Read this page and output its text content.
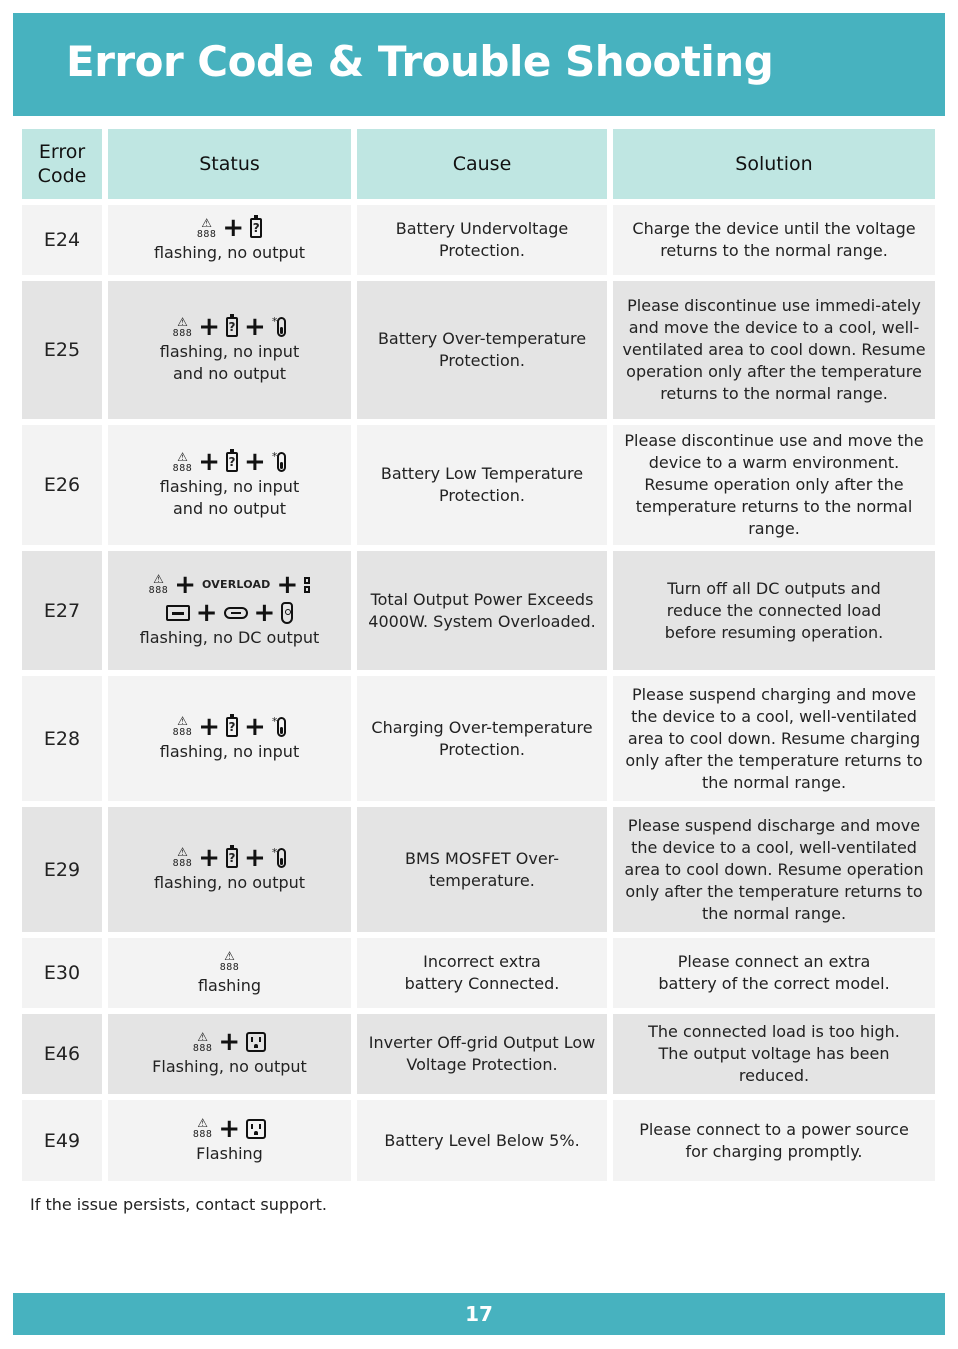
Error Code & Trouble Shooting
Error Code
Status	Cause	Solution
E24
⚠
888 + ?
flashing, no output
Battery Undervoltage Protection.
Charge the device until the voltage returns to the normal range.
E25
⚠
888 + ? + *
flashing, no input and no output
Battery Over-temperature Protection.
Please discontinue use immedi-ately and move the device to a cool, well-ventilated area to cool down. Resume operation only after the temperature returns to the normal range.
E26
⚠
888 + ? + *
flashing, no input and no output
Battery Low Temperature Protection.
Please discontinue use and move the device to a warm environment. Resume operation only after the temperature returns to the normal range.
E27
⚠
888 + OVERLOAD +
+ +
flashing, no DC output
Total Output Power Exceeds 4000W. System Overloaded.
Turn off all DC outputs and reduce the connected load before resuming operation.
E28
⚠
888 + ? + *
flashing, no input
Charging Over-temperature Protection.
Please suspend charging and move the device to a cool, well-ventilated area to cool down. Resume charging only after the temperature returns to the normal range.
E29
⚠
888 + ? + *
flashing, no output
BMS MOSFET Over-temperature.
Please suspend discharge and move the device to a cool, well-ventilated area to cool down. Resume operation only after the temperature returns to the normal range.
E30
⚠
888
flashing
Incorrect extra battery Connected.
Please connect an extra battery of the correct model.
E46
⚠
888 +
Flashing, no output
Inverter Off-grid Output Low Voltage Protection.
The connected load is too high. The output voltage has been reduced.
E49
⚠
888 +
Flashing
Battery Level Below 5%.
Please connect to a power source for charging promptly.
If the issue persists, contact support.
17
